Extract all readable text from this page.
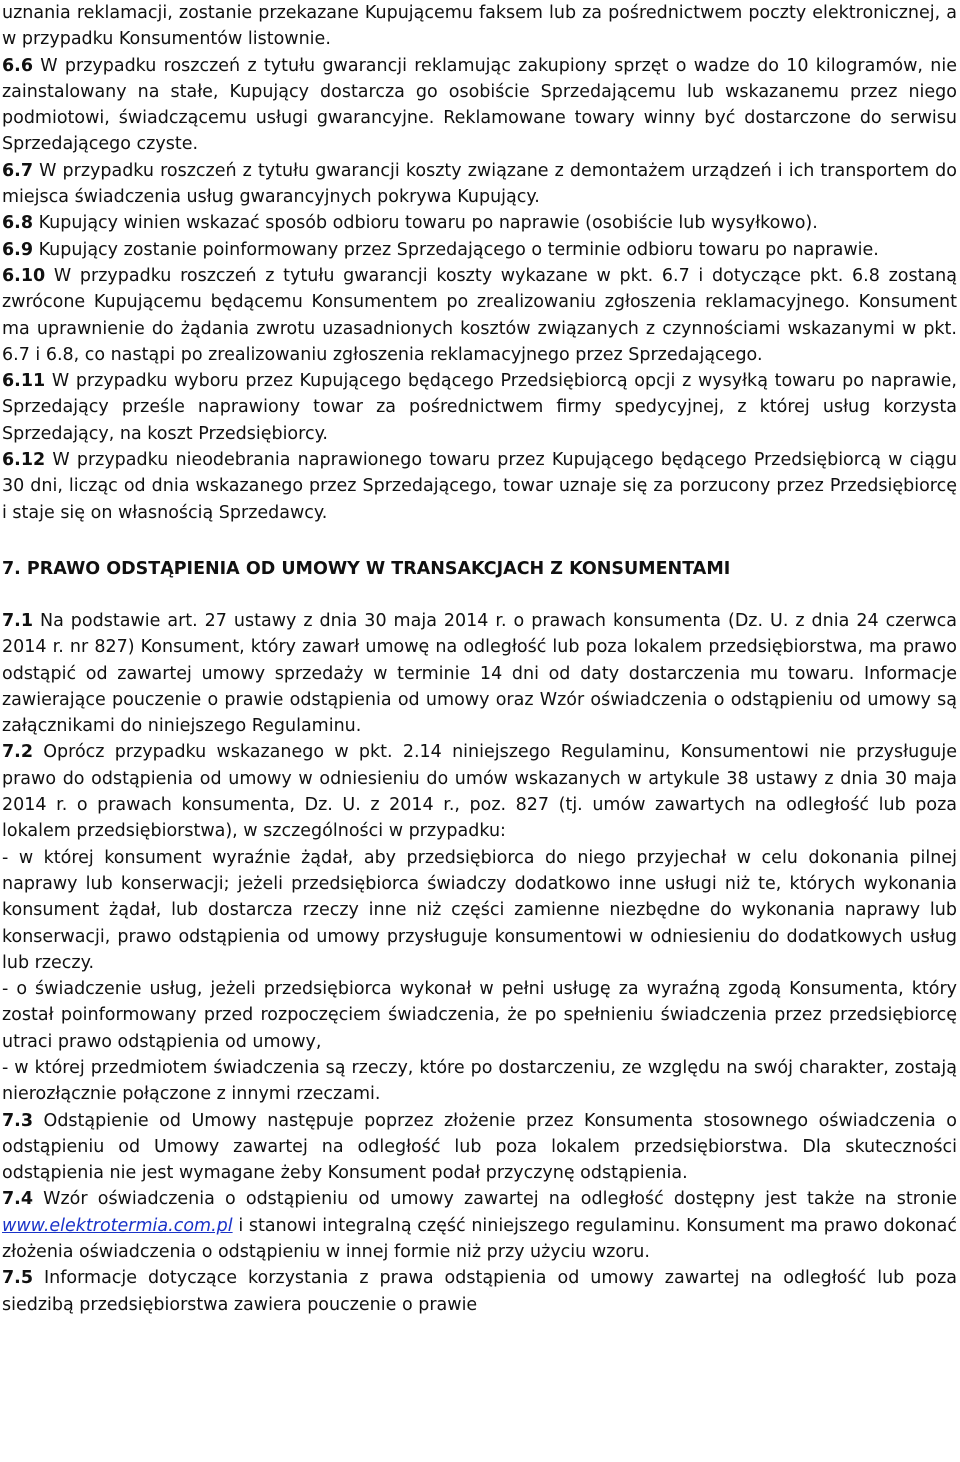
uznania reklamacji, zostanie przekazane Kupującemu faksem lub za pośrednictwem poczty elektronicznej, a w przypadku Konsumentów listownie.

6.6 W przypadku roszczeń z tytułu gwarancji reklamując zakupiony sprzęt o wadze do 10 kilogramów, nie zainstalowany na stałe, Kupujący dostarcza go osobiście Sprzedającemu lub wskazanemu przez niego podmiotowi, świadczącemu usługi gwarancyjne. Reklamowane towary winny być dostarczone do serwisu Sprzedającego czyste.

6.7 W przypadku roszczeń z tytułu gwarancji koszty związane z demontażem urządzeń i ich transportem do miejsca świadczenia usług gwarancyjnych pokrywa Kupujący.

6.8 Kupujący winien wskazać sposób odbioru towaru po naprawie (osobiście lub wysyłkowo).

6.9 Kupujący zostanie poinformowany przez Sprzedającego o terminie odbioru towaru po naprawie.

6.10 W przypadku roszczeń z tytułu gwarancji koszty wykazane w pkt. 6.7 i dotyczące pkt. 6.8 zostaną zwrócone Kupującemu będącemu Konsumentem po zrealizowaniu zgłoszenia reklamacyjnego. Konsument ma uprawnienie do żądania zwrotu uzasadnionych kosztów związanych z czynnościami wskazanymi w pkt. 6.7 i 6.8, co nastąpi po zrealizowaniu zgłoszenia reklamacyjnego przez Sprzedającego.

6.11 W przypadku wyboru przez Kupującego będącego Przedsiębiorcą opcji z wysyłką towaru po naprawie, Sprzedający prześle naprawiony towar za pośrednictwem firmy spedycyjnej, z której usług korzysta Sprzedający, na koszt Przedsiębiorcy.

6.12 W przypadku nieodebrania naprawionego towaru przez Kupującego będącego Przedsiębiorcą w ciągu 30 dni, licząc od dnia wskazanego przez Sprzedającego, towar uznaje się za porzucony przez Przedsiębiorcę i staje się on własnością Sprzedawcy.

7. PRAWO ODSTĄPIENIA OD UMOWY W TRANSAKCJACH Z KONSUMENTAMI

7.1 Na podstawie art. 27 ustawy z dnia 30 maja 2014 r. o prawach konsumenta (Dz. U. z dnia 24 czerwca 2014 r. nr 827) Konsument, który zawarł umowę na odległość lub poza lokalem przedsiębiorstwa, ma prawo odstąpić od zawartej umowy sprzedaży w terminie 14 dni od daty dostarczenia mu towaru. Informacje zawierające pouczenie o prawie odstąpienia od umowy oraz Wzór oświadczenia o odstąpieniu od umowy są załącznikami do niniejszego Regulaminu.

7.2 Oprócz przypadku wskazanego w pkt. 2.14 niniejszego Regulaminu, Konsumentowi nie przysługuje prawo do odstąpienia od umowy w odniesieniu do umów wskazanych w artykule 38 ustawy z dnia 30 maja 2014 r. o prawach konsumenta, Dz. U. z 2014 r., poz. 827 (tj. umów zawartych na odległość lub poza lokalem przedsiębiorstwa), w szczególności w przypadku:

- w której konsument wyraźnie żądał, aby przedsiębiorca do niego przyjechał w celu dokonania pilnej naprawy lub konserwacji; jeżeli przedsiębiorca świadczy dodatkowo inne usługi niż te, których wykonania konsument żądał, lub dostarcza rzeczy inne niż części zamienne niezbędne do wykonania naprawy lub konserwacji, prawo odstąpienia od umowy przysługuje konsumentowi w odniesieniu do dodatkowych usług lub rzeczy.

- o świadczenie usług, jeżeli przedsiębiorca wykonał w pełni usługę za wyraźną zgodą Konsumenta, który został poinformowany przed rozpoczęciem świadczenia, że po spełnieniu świadczenia przez przedsiębiorcę utraci prawo odstąpienia od umowy,

- w której przedmiotem świadczenia są rzeczy, które po dostarczeniu, ze względu na swój charakter, zostają nierozłącznie połączone z innymi rzeczami.

7.3 Odstąpienie od Umowy następuje poprzez złożenie przez Konsumenta stosownego oświadczenia o odstąpieniu od Umowy zawartej na odległość lub poza lokalem przedsiębiorstwa. Dla skuteczności odstąpienia nie jest wymagane żeby Konsument podał przyczynę odstąpienia.

7.4 Wzór oświadczenia o odstąpieniu od umowy zawartej na odległość dostępny jest także na stronie www.elektrotermia.com.pl i stanowi integralną część niniejszego regulaminu. Konsument ma prawo dokonać złożenia oświadczenia o odstąpieniu w innej formie niż przy użyciu wzoru.

7.5 Informacje dotyczące korzystania z prawa odstąpienia od umowy zawartej na odległość lub poza siedzibą przedsiębiorstwa zawiera pouczenie o prawie
